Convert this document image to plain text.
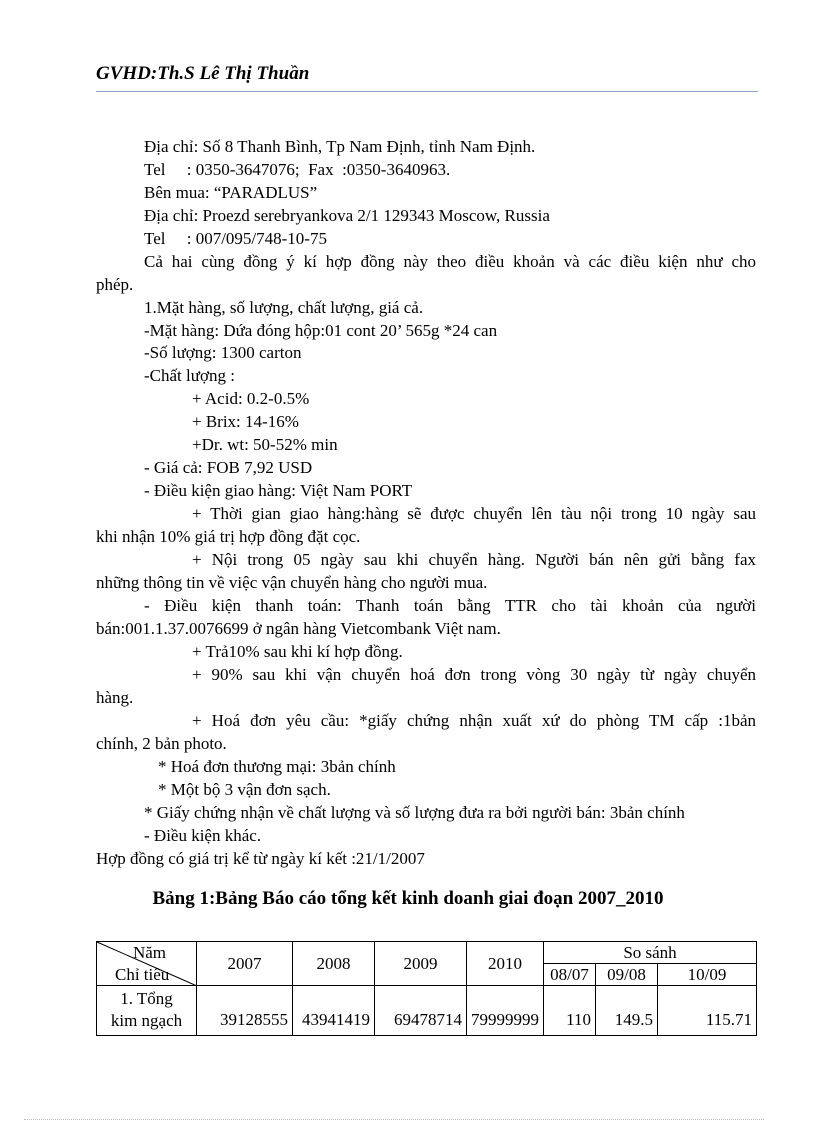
GVHD:Th.S Lê Thị Thuần
Địa chỉ: Số 8 Thanh Bình, Tp Nam Định, tỉnh Nam Định.
Tel     : 0350-3647076;  Fax  :0350-3640963.
Bên mua: “PARADLUS”
Địa chỉ: Proezd serebryankova 2/1 129343 Moscow, Russia
Tel     : 007/095/748-10-75
Cả hai cùng đồng ý kí hợp đồng này theo điều khoản và các điều kiện như cho
phép.
1.Mặt hàng, số lượng, chất lượng, giá cả.
-Mặt hàng: Dứa đóng hộp:01 cont 20’ 565g *24 can
-Số lượng: 1300 carton
-Chất lượng :
+ Acid: 0.2-0.5%
+ Brix: 14-16%
+Dr. wt: 50-52% min
- Giá cả: FOB 7,92 USD
- Điều kiện giao hàng: Việt Nam PORT
+ Thời gian giao hàng:hàng sẽ được chuyển lên tàu nội trong 10 ngày sau
khi nhận 10% giá trị hợp đồng đặt cọc.
+ Nội trong 05 ngày sau khi chuyển hàng. Người bán nên gửi bằng fax
những thông tin về việc vận chuyển hàng cho người mua.
- Điều kiện thanh toán: Thanh toán bằng TTR cho tài khoản của người
bán:001.1.37.0076699 ở ngân hàng Vietcombank Việt nam.
+ Trả10% sau khi kí hợp đồng.
+ 90% sau khi vận chuyển hoá đơn trong vòng 30 ngày từ ngày chuyển
hàng.
+ Hoá đơn yêu cầu: *giấy chứng nhận xuất xứ do phòng TM cấp :1bản
chính, 2 bản photo.
* Hoá đơn thương mại: 3bản chính
* Một bộ 3 vận đơn sạch.
* Giấy chứng nhận về chất lượng và số lượng đưa ra bởi người bán: 3bản chính
- Điều kiện khác.
Hợp đồng có giá trị kể từ ngày kí kết :21/1/2007
Bảng 1:Bảng Báo cáo tổng kết kinh doanh giai đoạn 2007_2010
Năm
Chỉ tiêu	2007	2008	2009	2010	So sánh		
					08/07	09/08	10/09

1. Tổng
kim ngạch	39128555	43941419	69478714	79999999	110	149.5	115.71
